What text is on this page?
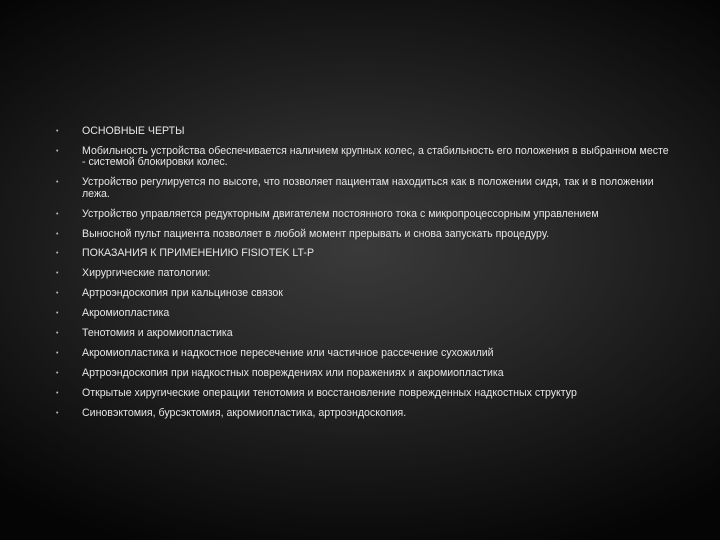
•	ОСНОВНЫЕ ЧЕРТЫ
•	Мобильность устройства обеспечивается наличием крупных колес, а стабильность его положения в выбранном месте - системой блокировки колес.
•	Устройство регулируется по высоте, что позволяет пациентам находиться как в положении сидя, так и в положении лежа.
•	Устройство управляется редукторным двигателем постоянного тока с микропроцессорным управлением
•	Выносной пульт пациента позволяет в любой момент прерывать и снова запускать процедуру.
•	ПОКАЗАНИЯ К ПРИМЕНЕНИЮ FISIOTEK LT-P
•	Хирургические патологии:
•	Артроэндоскопия при кальцинозе связок
•	Акромиопластика
•	Тенотомия и акромиопластика
•	Акромиопластика и надкостное пересечение или частичное рассечение сухожилий
•	Артроэндоскопия при надкостных повреждениях или поражениях и акромиопластика
•	Открытые хиругические операции тенотомия и восстановление поврежденных надкостных структур
•	Синовэктомия, бурсэктомия, акромиопластика, артроэндоскопия.
